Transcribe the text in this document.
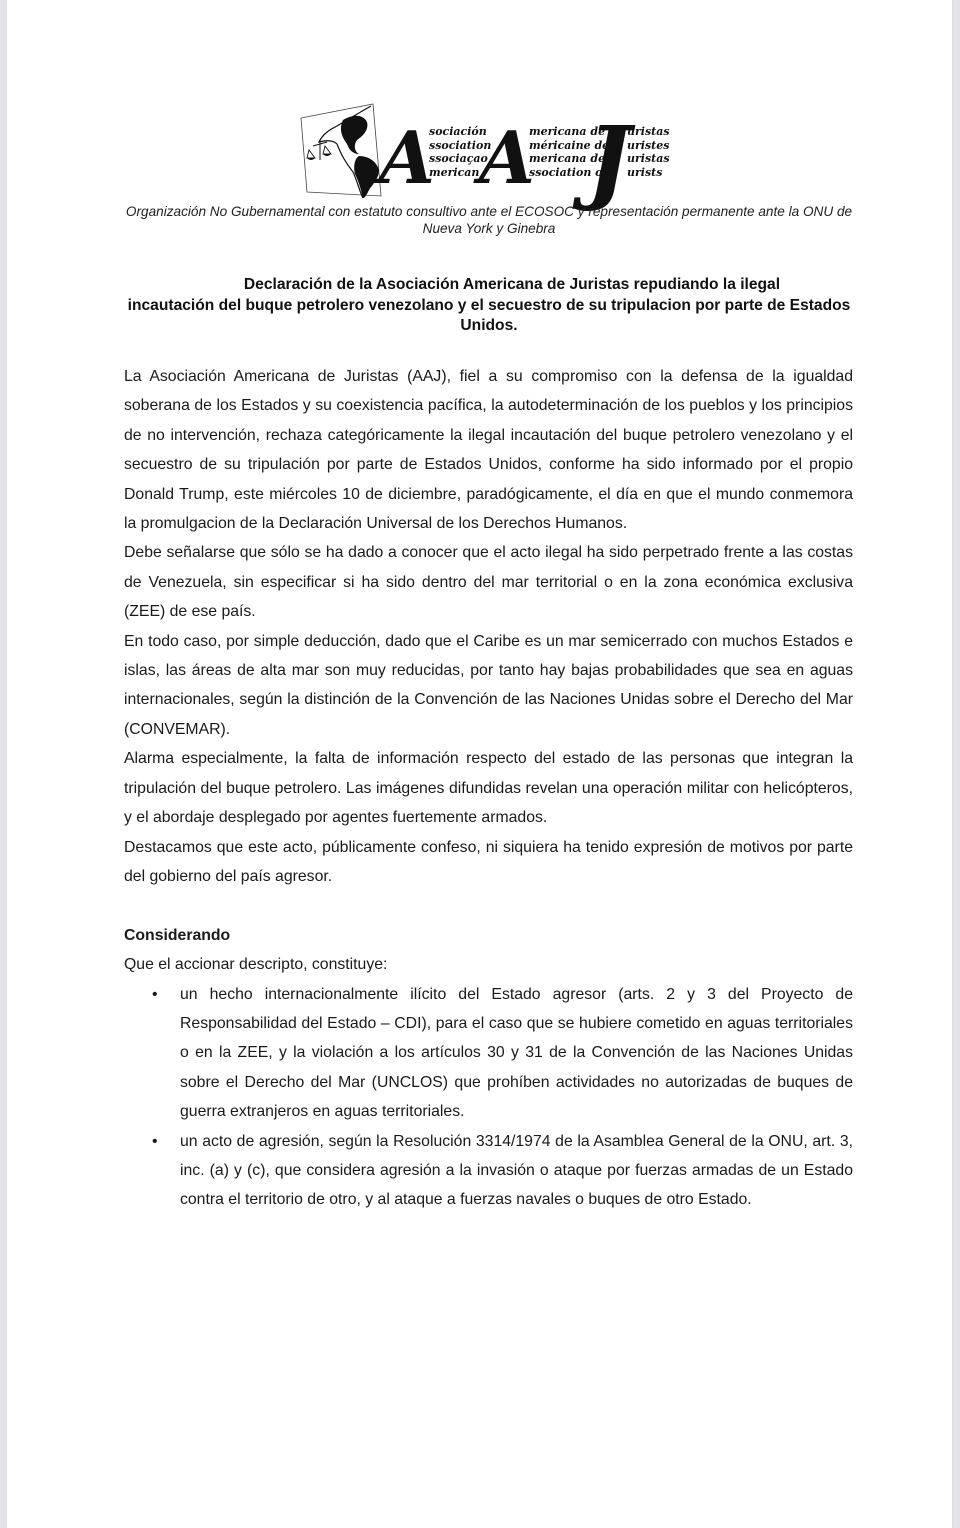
A
sociación
ssociation
ssociaçao
merican A
mericana de
méricaine de
mericana de
ssociation of
J
uristas
uristes
uristas
urists
Organización No Gubernamental con estatuto consultivo ante el ECOSOC y representación permanente ante la ONU de Nueva York y Ginebra
Declaración de la Asociación Americana de Juristas repudiando la ilegal
incautación del buque petrolero venezolano y el secuestro de su tripulacion por parte de Estados Unidos.

La Asociación Americana de Juristas (AAJ), fiel a su compromiso con la defensa de la igualdad soberana de los Estados y su coexistencia pacífica, la autodeterminación de los pueblos y los principios de no intervención, rechaza categóricamente la ilegal incautación del buque petrolero venezolano y el secuestro de su tripulación por parte de Estados Unidos, conforme ha sido informado por el propio Donald Trump, este miércoles 10 de diciembre, paradógicamente, el día en que el mundo conmemora la promulgacion de la Declaración Universal de los Derechos Humanos.

Debe señalarse que sólo se ha dado a conocer que el acto ilegal ha sido perpetrado frente a las costas de Venezuela, sin especificar si ha sido dentro del mar territorial o en la zona económica exclusiva (ZEE) de ese país.

En todo caso, por simple deducción, dado que el Caribe es un mar semicerrado con muchos Estados e islas, las áreas de alta mar son muy reducidas, por tanto hay bajas probabilidades que sea en aguas internacionales, según la distinción de la Convención de las Naciones Unidas sobre el Derecho del Mar (CONVEMAR).

Alarma especialmente, la falta de información respecto del estado de las personas que integran la tripulación del buque petrolero. Las imágenes difundidas revelan una operación militar con helicópteros, y el abordaje desplegado por agentes fuertemente armados.

Destacamos que este acto, públicamente confeso, ni siquiera ha tenido expresión de motivos por parte del gobierno del país agresor.

Considerando

Que el accionar descripto, constituye:

• un hecho internacionalmente ilícito del Estado agresor (arts. 2 y 3 del Proyecto de Responsabilidad del Estado – CDI), para el caso que se hubiere cometido en aguas territoriales o en la ZEE, y la violación a los artículos 30 y 31 de la Convención de las Naciones Unidas sobre el Derecho del Mar (UNCLOS) que prohíben actividades no autorizadas de buques de guerra extranjeros en aguas territoriales.
• un acto de agresión, según la Resolución 3314/1974 de la Asamblea General de la ONU, art. 3, inc. (a) y (c), que considera agresión a la invasión o ataque por fuerzas armadas de un Estado contra el territorio de otro, y al ataque a fuerzas navales o buques de otro Estado.
